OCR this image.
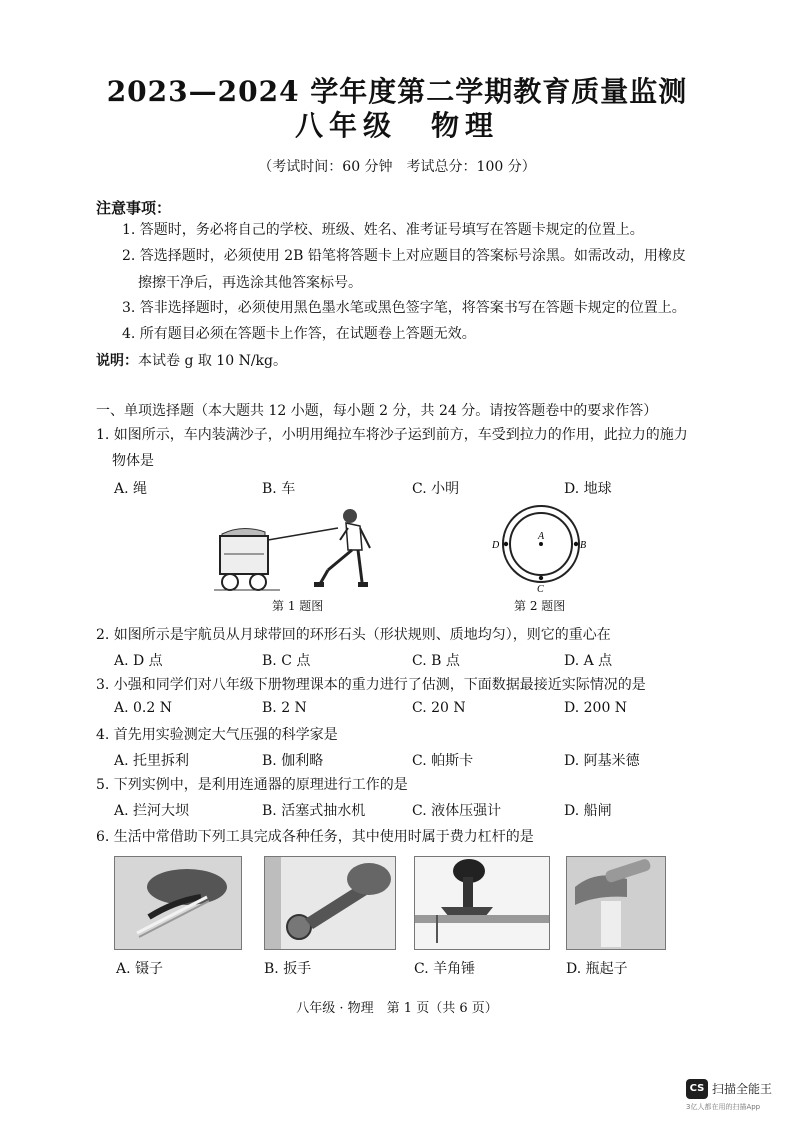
2023—2024 学年度第二学期教育质量监测
八年级　物理
（考试时间：60 分钟　考试总分：100 分）
注意事项：
1. 答题时，务必将自己的学校、班级、姓名、准考证号填写在答题卡规定的位置上。
2. 答选择题时，必须使用 2B 铅笔将答题卡上对应题目的答案标号涂黑。如需改动，用橡皮
擦擦干净后，再选涂其他答案标号。
3. 答非选择题时，必须使用黑色墨水笔或黑色签字笔，将答案书写在答题卡规定的位置上。
4. 所有题目必须在答题卡上作答，在试题卷上答题无效。
说明：本试卷 g 取 10 N/kg。
一、单项选择题（本大题共 12 小题，每小题 2 分，共 24 分。请按答题卷中的要求作答）
1. 如图所示，车内装满沙子，小明用绳拉车将沙子运到前方，车受到拉力的作用，此拉力的施力
物体是
A. 绳	B. 车	C. 小明	D. 地球
第 1 题图
A
D	B
C
第 2 题图
2. 如图所示是宇航员从月球带回的环形石头（形状规则、质地均匀），则它的重心在
A. D 点	B. C 点	C. B 点	D. A 点
3. 小强和同学们对八年级下册物理课本的重力进行了估测，下面数据最接近实际情况的是
A. 0.2 N	B. 2 N	C. 20 N	D. 200 N
4. 首先用实验测定大气压强的科学家是
A. 托里拆利	B. 伽利略	C. 帕斯卡	D. 阿基米德
5. 下列实例中，是利用连通器的原理进行工作的是
A. 拦河大坝	B. 活塞式抽水机	C. 液体压强计	D. 船闸
6. 生活中常借助下列工具完成各种任务，其中使用时属于费力杠杆的是
A. 镊子	B. 扳手	C. 羊角锤	D. 瓶起子
八年级 · 物理　第 1 页（共 6 页）
CS 扫描全能王
3亿人都在用的扫描App
